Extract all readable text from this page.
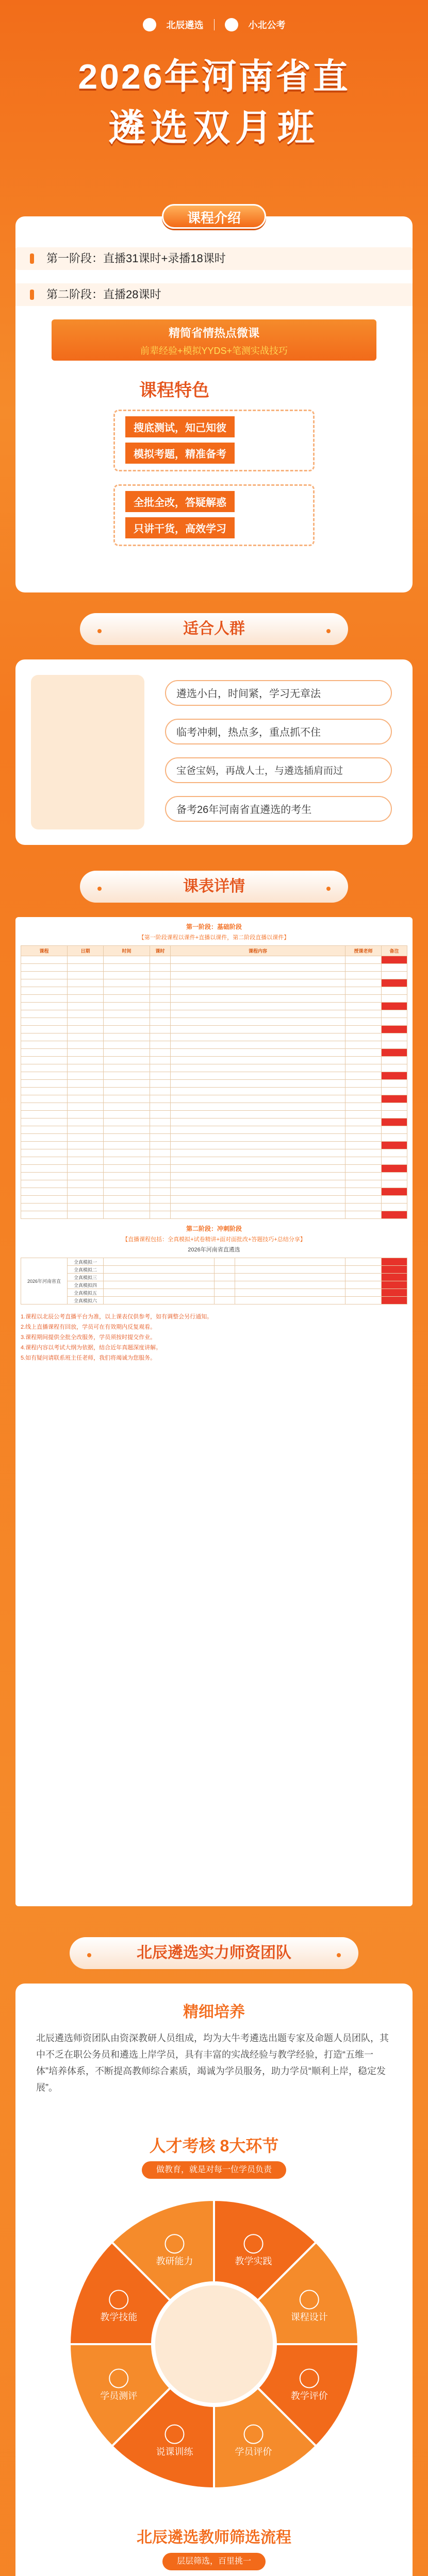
北辰遴选	小北公考
2026年河南省直
遴选双月班
课程介绍
第一阶段：直播31课时+录播18课时
第二阶段：直播28课时
精简省情热点微课
前辈经验+模拟YYDS+笔测实战技巧
课程特色
搜底测试，知己知彼
模拟考题，精准备考
全批全改，答疑解惑
只讲干货，高效学习
适合人群
遴选小白，时间紧，学习无章法
临考冲刺，热点多，重点抓不住
宝爸宝妈，再战人士，与遴选插肩而过
备考26年河南省直遴选的考生
课表详情
第一阶段：基础阶段
【第一阶段课程以课件+直播以课件，第二阶段直播以课件】
课程	日期	时间	课时	课程内容	授课老师	备注

第二阶段：冲刺阶段
【直播课程包括：全真模拟+试卷精讲+面对面批改+答题技巧+总结分享】
2026年河南省直遴选
2026年河南省直	全真模拟一					
	全真模拟二					
	全真模拟三					
	全真模拟四					
	全真模拟五					
	全真模拟六					
1.课程以北辰公考直播平台为准，以上课表仅供参考，如有调整会另行通知。
2.线上直播课程有回放，学员可在有效期内反复观看。
3.课程期间提供全批全改服务，学员须按时提交作业。
4.课程内容以考试大纲为依据，结合近年真题深度讲解。
5.如有疑问请联系班主任老师，我们将竭诚为您服务。
北辰遴选实力师资团队
精细培养
北辰遴选师资团队由资深教研人员组成，均为大牛考遴选出题专家及命题人员团队，其中不乏在职公务员和遴选上岸学员，具有丰富的实战经验与教学经验，打造“五维一体”培养体系，不断提高教师综合素质，竭诚为学员服务，助力学员“顺利上岸，稳定发展”。
人才考核 8大环节
做教育，就是对每一位学员负责
教学实践
课程设计
教学评价
学员评价
说课训练
学员测评
教学技能
教研能力
北辰遴选教师筛选流程
层层筛选，百里挑一
